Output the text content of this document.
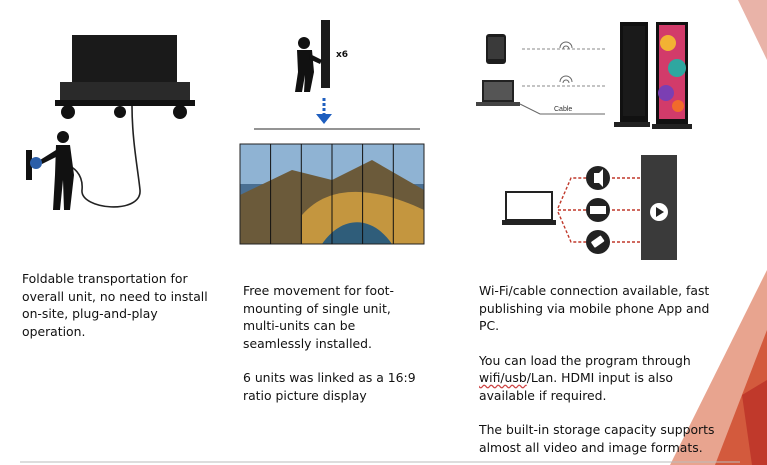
x6
Cable

Foldable transportation for overall unit, no need to install on-site, plug-and-play operation.

Free movement for foot-mounting of single unit, multi-units can be seamlessly installed.

6 units was linked as a 16:9 ratio picture display

Wi-Fi/cable connection available, fast publishing via mobile phone App and PC.

You can load the program through wifi/usb/Lan. HDMI input is also available if required.

The built-in storage capacity supports almost all video and image formats.
